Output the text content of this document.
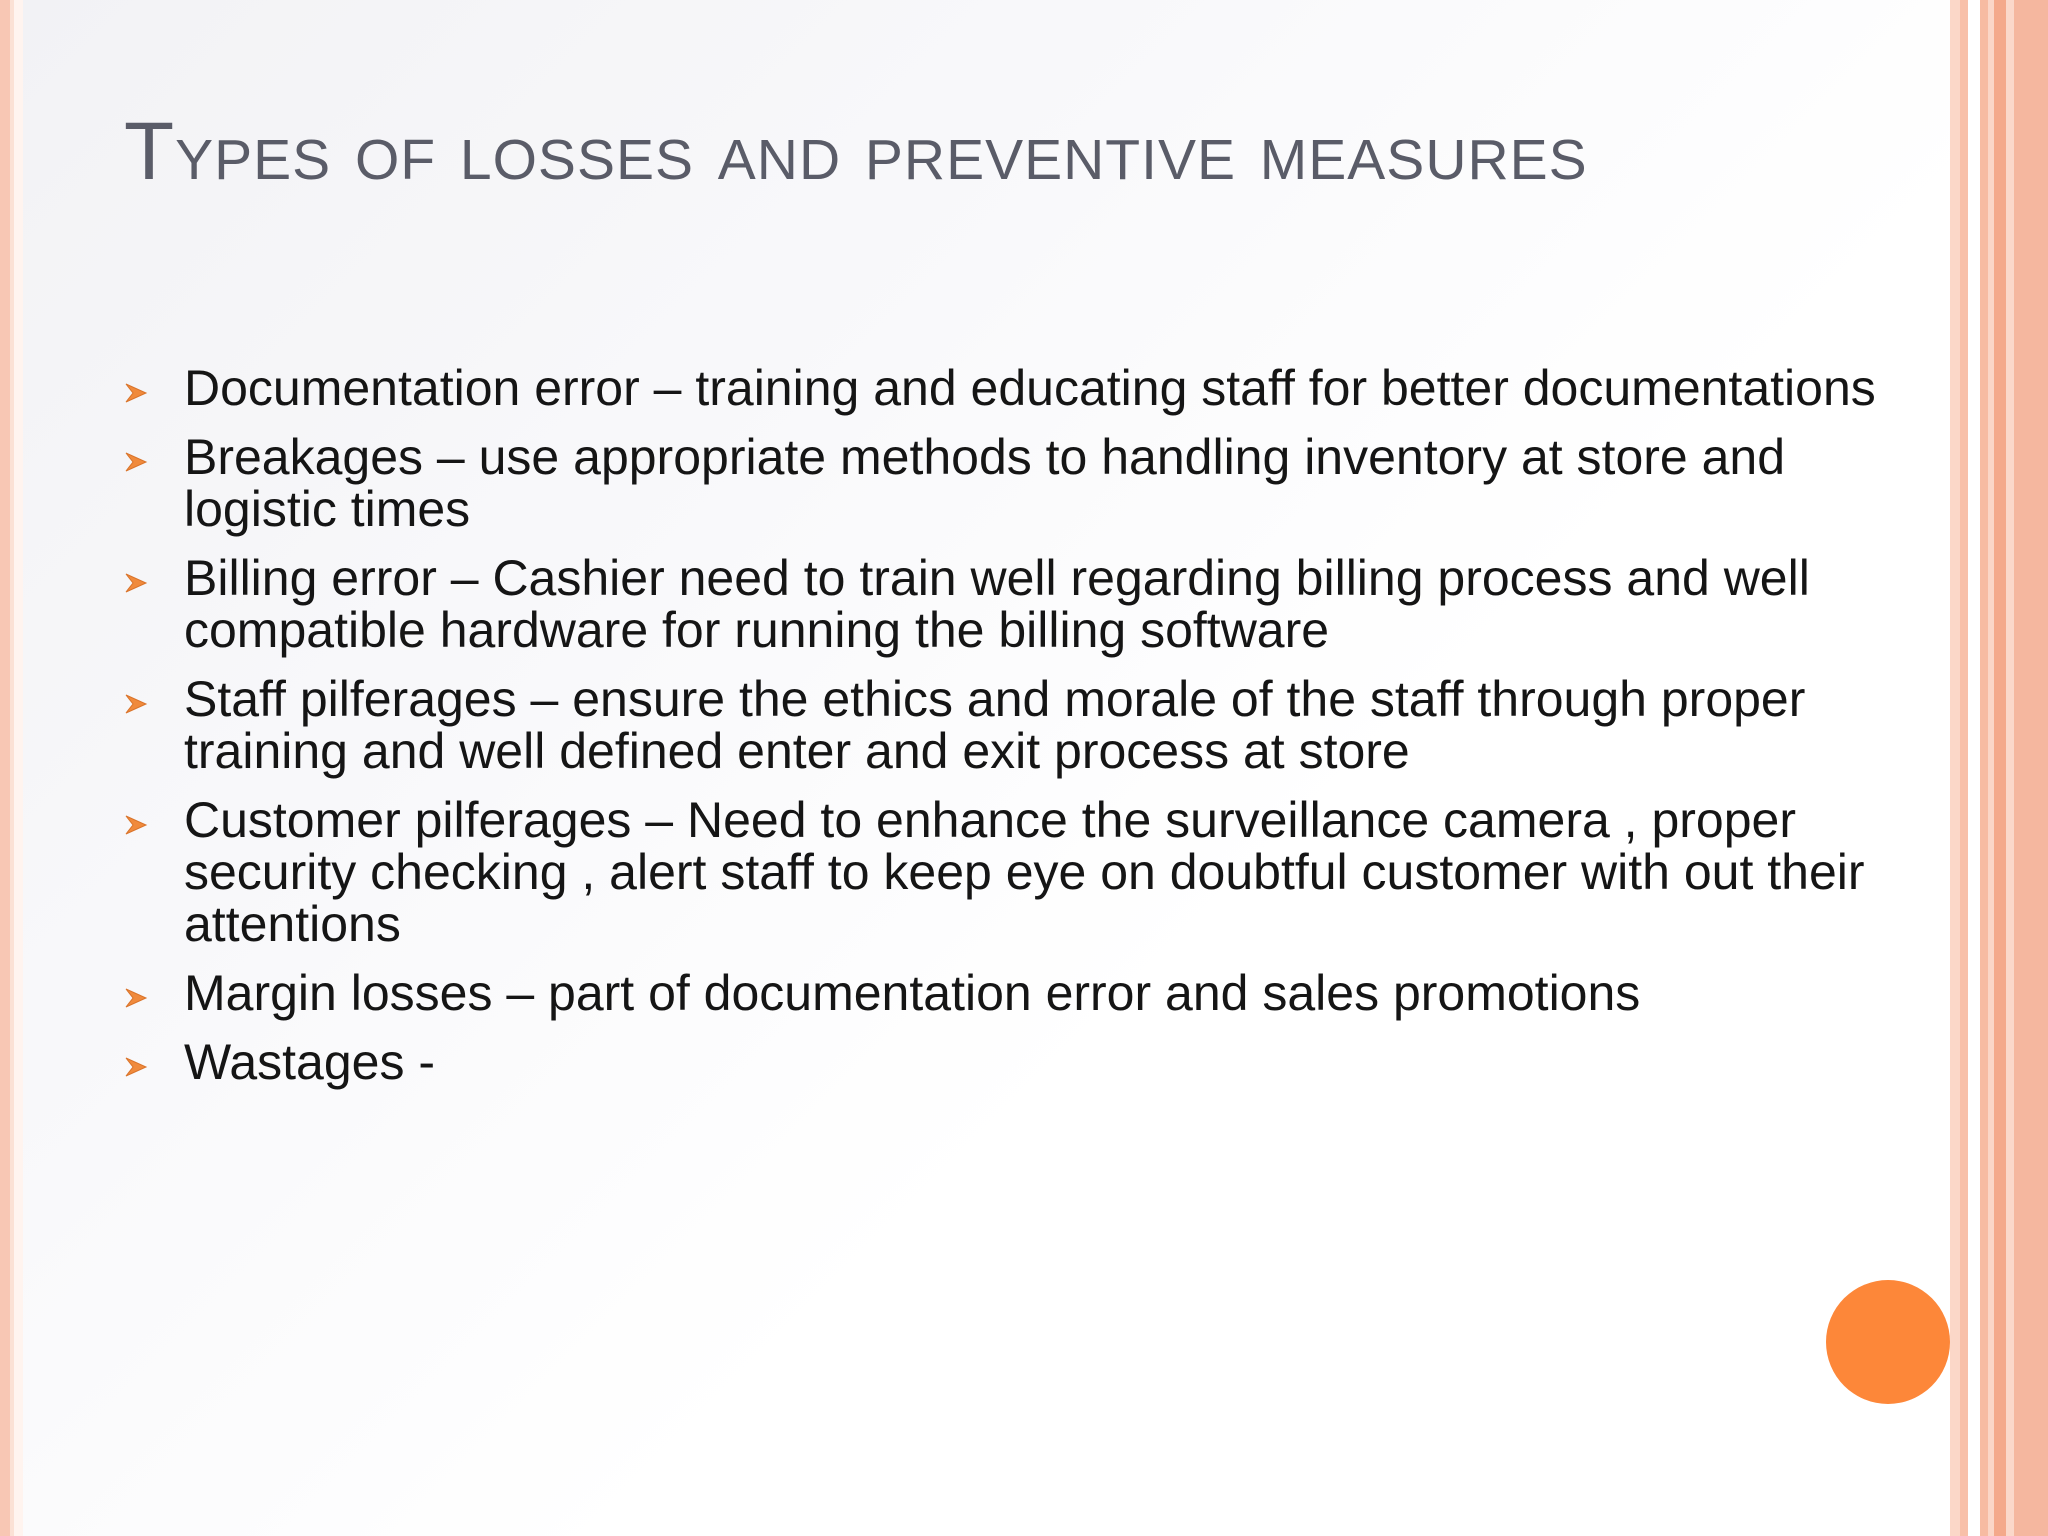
Types of losses and preventive measures
Documentation error – training and educating staff for better documentations
Breakages – use appropriate methods to handling inventory at store and logistic times
Billing error – Cashier need to train well regarding billing process and well compatible hardware for running the billing software
Staff pilferages – ensure the ethics and morale of the staff through proper training and well defined enter and exit process at store
Customer pilferages – Need to enhance the surveillance camera , proper security checking , alert staff to keep eye on doubtful customer with out their attentions
Margin losses – part of documentation error and sales promotions
Wastages -
